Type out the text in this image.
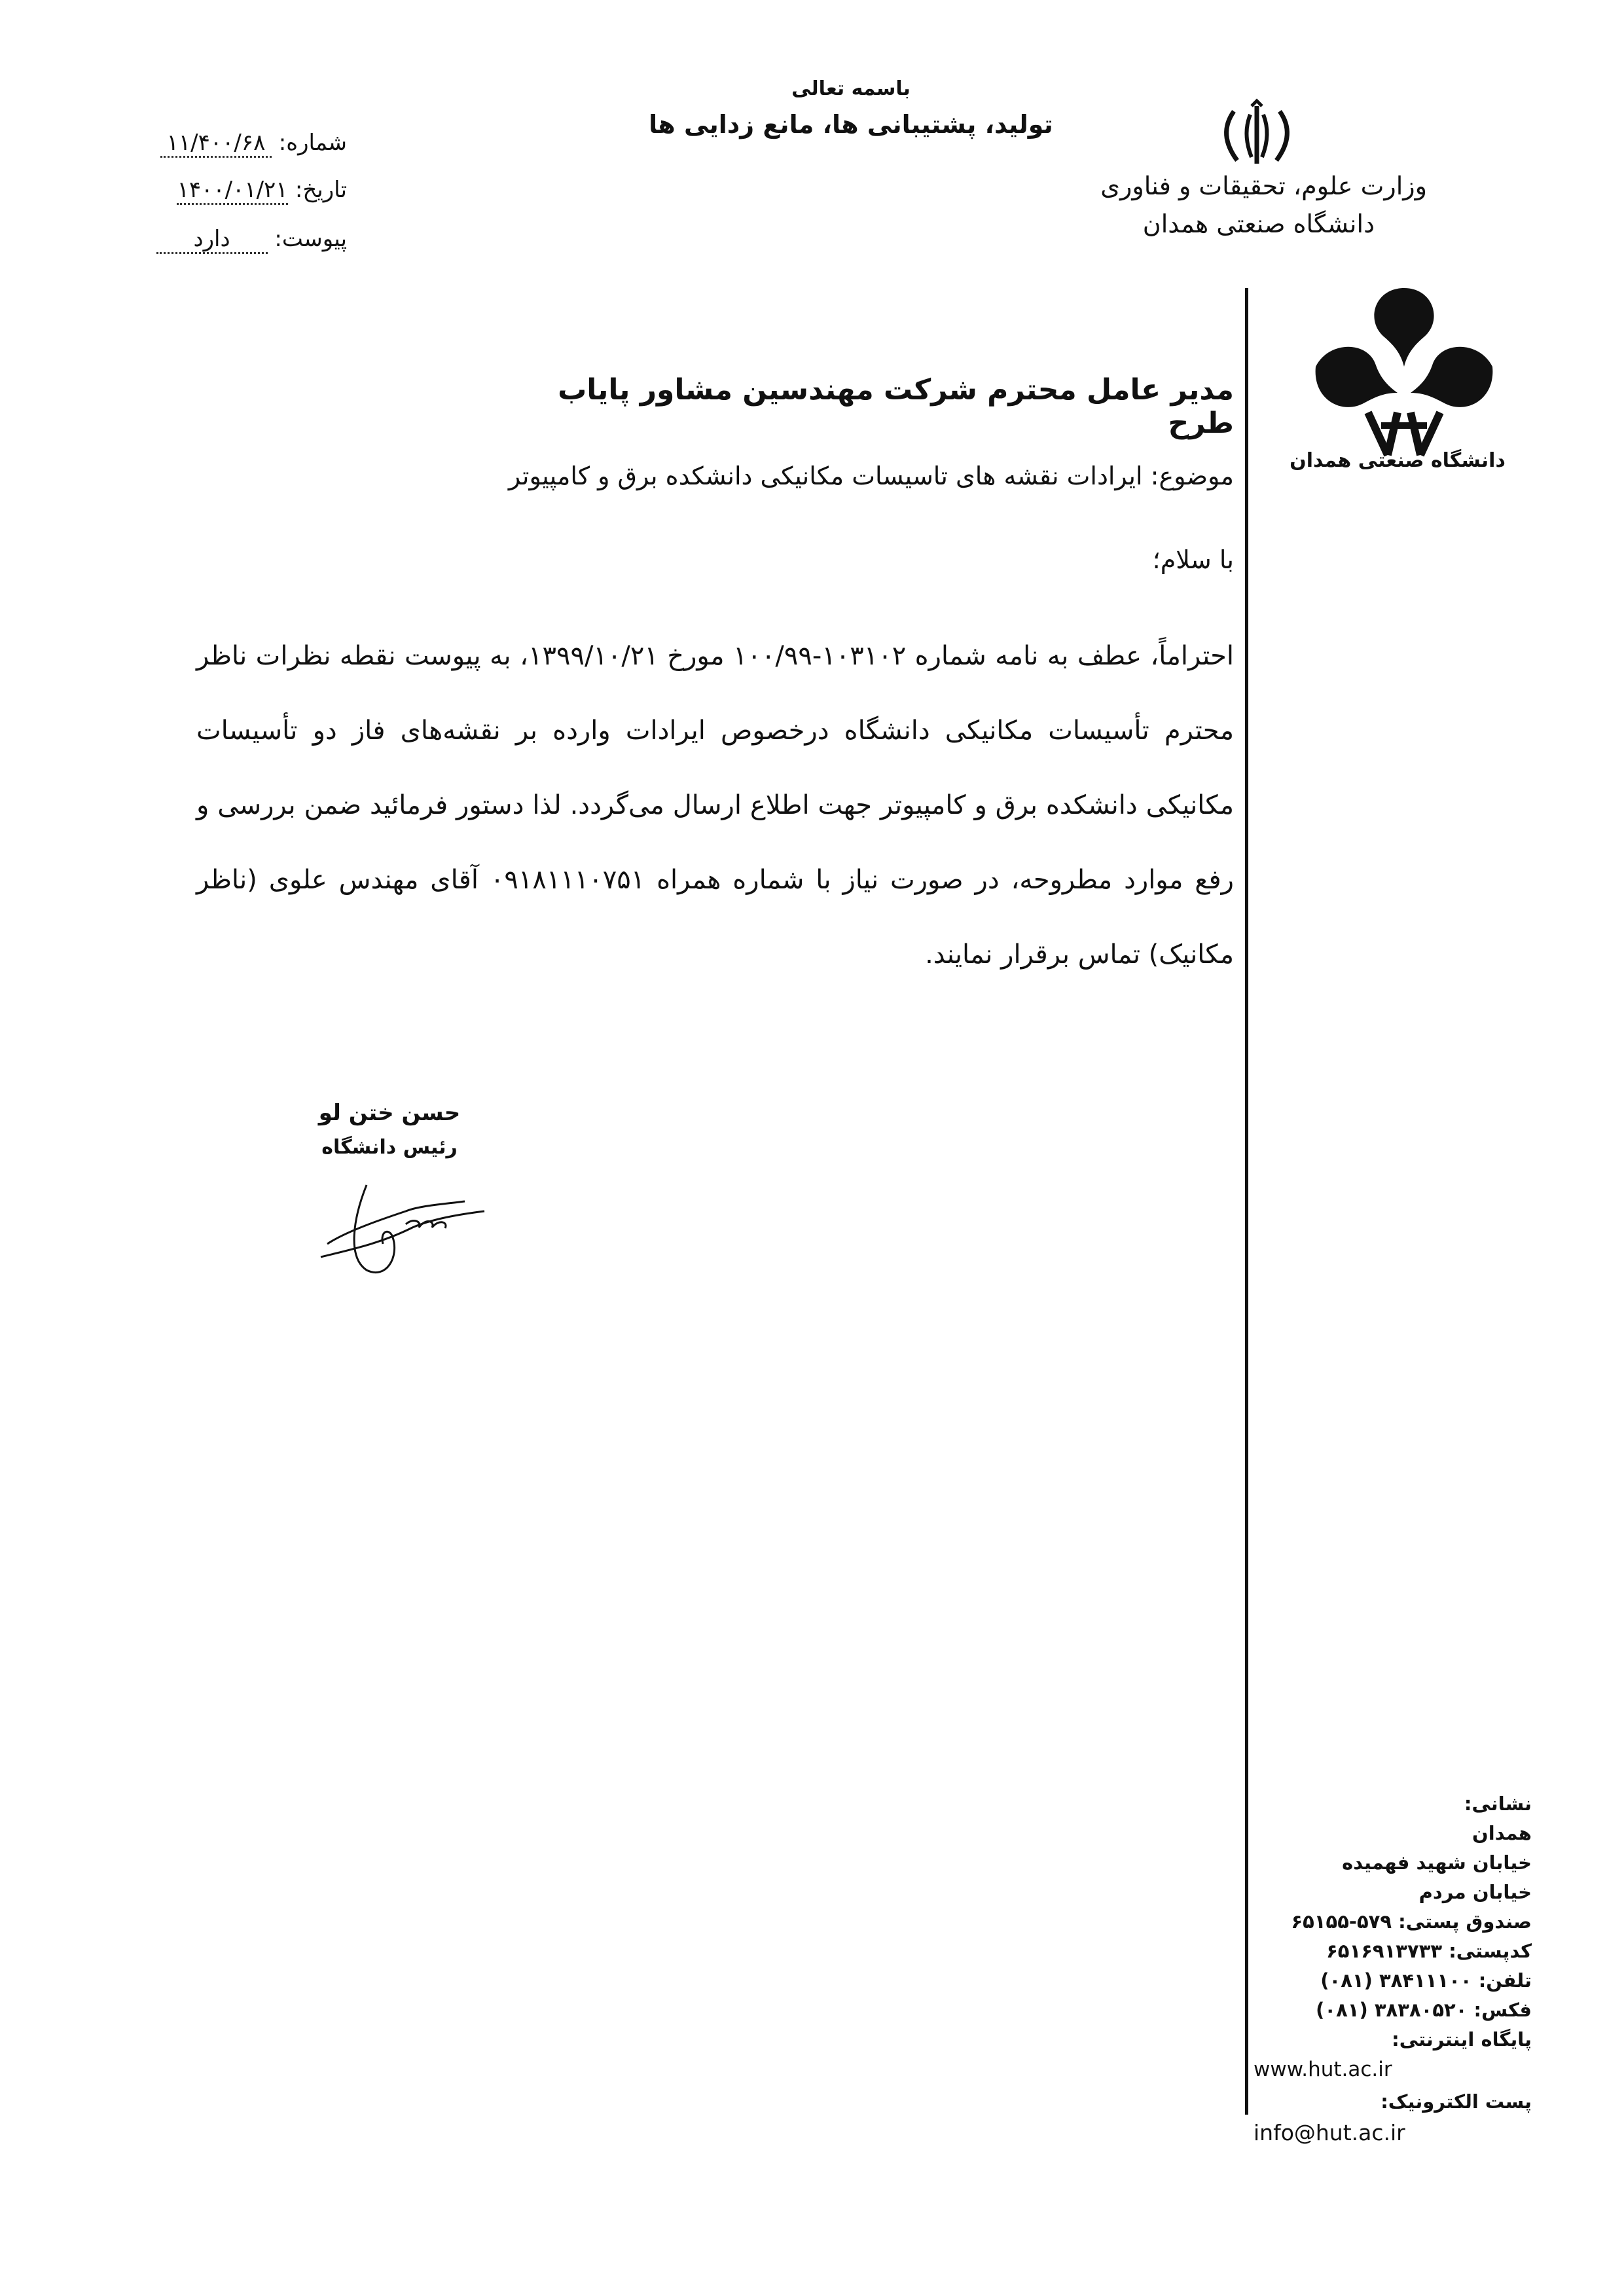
باسمه تعالی
تولید، پشتیبانی ها، مانع زدایی ها
وزارت علوم، تحقیقات و فناوری
دانشگاه صنعتی همدان
شماره: ۱۱/۴۰۰/۶۸
تاریخ: ۱۴۰۰/۰۱/۲۱
پیوست: دارد
دانشگاه صنعتی همدان
مدیر عامل محترم شرکت مهندسین مشاور پایاب طرح
موضوع: ایرادات نقشه های تاسیسات مکانیکی دانشکده برق و کامپیوتر
با سلام؛

احتراماً، عطف به نامه شماره ۱۰۳۱۰۲-۱۰۰/۹۹ مورخ ۱۳۹۹/۱۰/۲۱، به پیوست نقطه نظرات ناظر محترم تأسیسات مکانیکی دانشگاه درخصوص ایرادات وارده بر نقشه‌های فاز دو تأسیسات مکانیکی دانشکده برق و کامپیوتر جهت اطلاع ارسال می‌گردد. لذا دستور فرمائید ضمن بررسی و رفع موارد مطروحه، در صورت نیاز با شماره همراه ۰۹۱۸۱۱۱۰۷۵۱ آقای مهندس علوی (ناظر مکانیک) تماس برقرار نمایند.

حسن ختن لو
رئیس دانشگاه
نشانی:
همدان
خیابان شهید فهمیده
خیابان مردم
صندوق پستی: ۵۷۹-۶۵۱۵۵
کدپستی: ۶۵۱۶۹۱۳۷۳۳
تلفن: ۳۸۴۱۱۱۰۰ (۰۸۱)
فکس: ۳۸۳۸۰۵۲۰ (۰۸۱)
پایگاه اینترنتی:
www.hut.ac.ir
پست الکترونیک:
info@hut.ac.ir
